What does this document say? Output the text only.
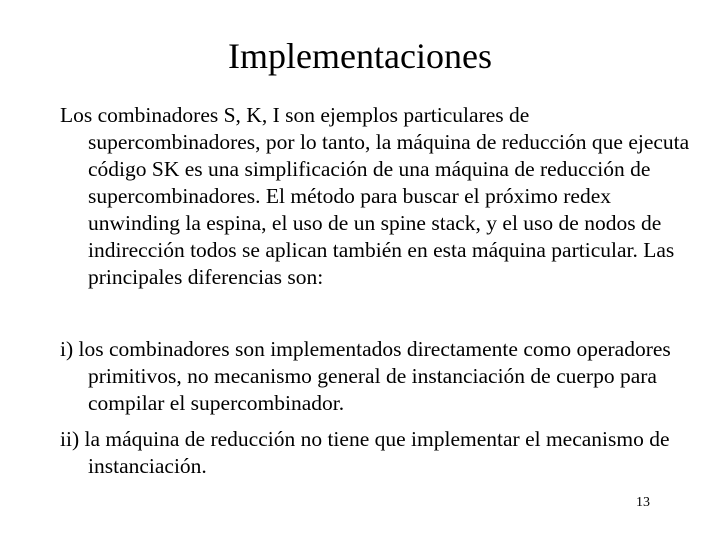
Implementaciones

Los combinadores S, K, I son ejemplos particulares de supercombinadores, por lo tanto, la máquina de reducción que ejecuta código SK es una simplificación de una máquina de reducción de supercombinadores. El método para buscar el próximo redex unwinding la espina, el uso de un spine stack, y el uso de nodos de indirección todos se aplican también en esta máquina particular. Las principales diferencias son:

i) los combinadores son implementados directamente como operadores primitivos, no mecanismo general de instanciación de cuerpo para compilar el supercombinador.

ii) la máquina de reducción no tiene que implementar el mecanismo de instanciación.

13
